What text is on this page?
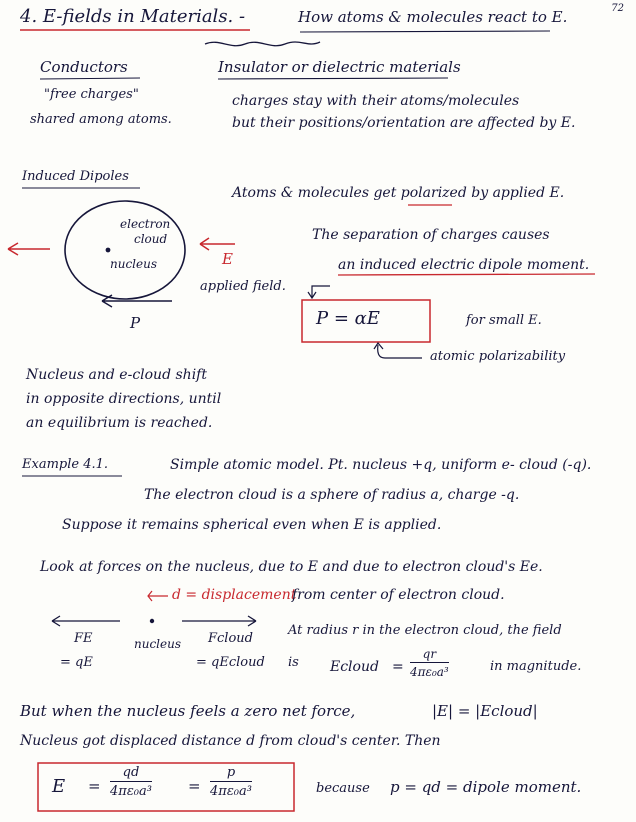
72
4. E-fields in Materials. -	How atoms & molecules react to E.
Conductors
"free charges"
shared among atoms.
Insulator or dielectric materials
charges stay with their atoms/molecules
but their positions/orientation are affected by E.
Induced Dipoles
Atoms & molecules get polarized by applied E.
The separation of charges causes
an induced electric dipole moment.
electron
cloud
nucleus	E
applied field.
P	P = αE	for small E.
atomic polarizability
Nucleus and e-cloud shift
in opposite directions, until
an equilibrium is reached.
Example 4.1.	Simple atomic model. Pt. nucleus +q, uniform e- cloud (-q).
The electron cloud is a sphere of radius a, charge -q.
Suppose it remains spherical even when E is applied.
Look at forces on the nucleus, due to E and due to electron cloud's Ee.
d = displacement
from center of electron cloud.
FE
= qE
nucleus Fcloud
= qEcloud
At radius r in the electron cloud, the field
is Ecloud = $\frac{qr}{\text{4πε₀a³}}$	in magnitude.
But when the nucleus feels a zero net force,	|E| = |Ecloud|
Nucleus got displaced distance d from cloud's center. Then
$E = \frac{qd}{\text{4πε₀a³}} = \frac{p}{\text{4πε₀a³}}$	because p = qd = dipole moment.
